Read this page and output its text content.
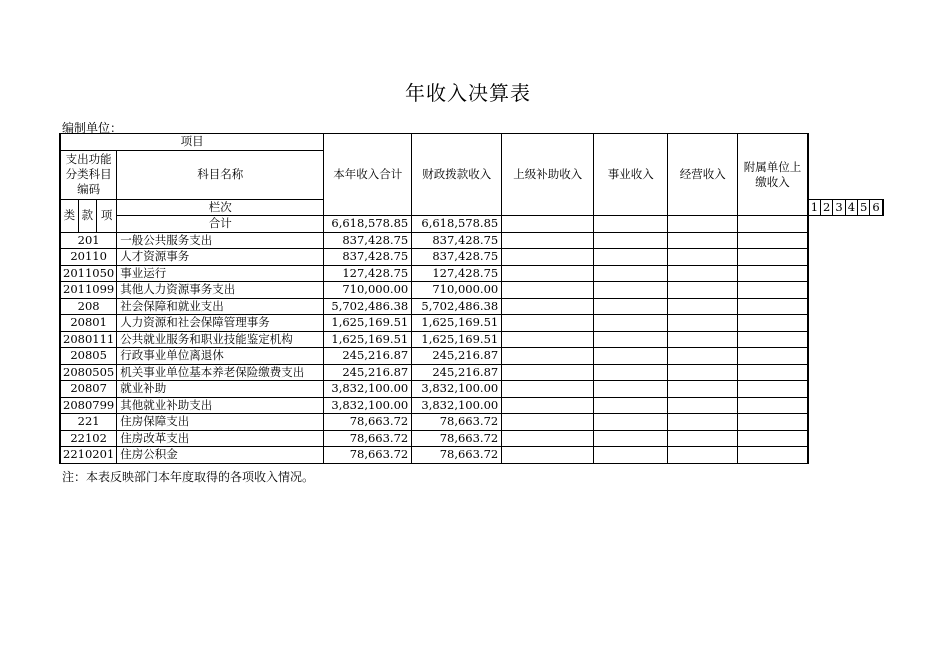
年收入决算表
编制单位：
项目				本年收入合计	财政拨款收入	上级补助收入	事业收入	经营收入	附属单位上缴收入						
支出功能分类科目编码			科目名称												
类	款	项	栏次							1	2	3	4	5	6
			合计	6,618,578.85	6,618,578.85										
201			一般公共服务支出	837,428.75	837,428.75										
20110			人才资源事务	837,428.75	837,428.75										
2011050			事业运行	127,428.75	127,428.75										
2011099			其他人力资源事务支出	710,000.00	710,000.00										
208			社会保障和就业支出	5,702,486.38	5,702,486.38										
20801			人力资源和社会保障管理事务	1,625,169.51	1,625,169.51										
2080111			公共就业服务和职业技能鉴定机构	1,625,169.51	1,625,169.51										
20805			行政事业单位离退休	245,216.87	245,216.87										
2080505			机关事业单位基本养老保险缴费支出	245,216.87	245,216.87										
20807			就业补助	3,832,100.00	3,832,100.00										
2080799			其他就业补助支出	3,832,100.00	3,832,100.00										
221			住房保障支出	78,663.72	78,663.72										
22102			住房改革支出	78,663.72	78,663.72										
2210201			住房公积金	78,663.72	78,663.72										
注：本表反映部门本年度取得的各项收入情况。
